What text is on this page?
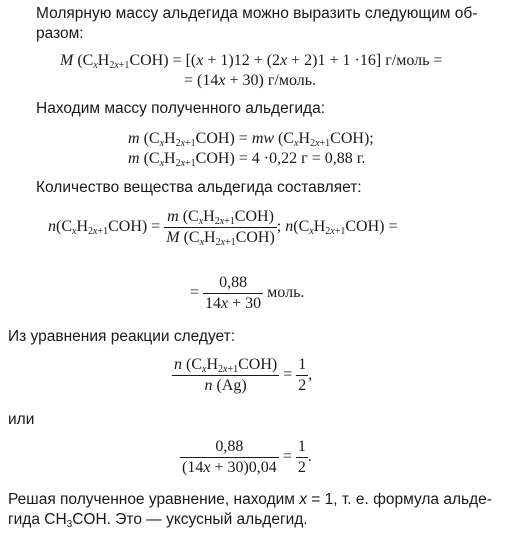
Молярную массу альдегида можно выразить следующим об-
разом:
M $(C_xH_{2x+1}COH) = [(x + 1)12 + (2x + 2)1 + 1 \cdot 16]$ г/моль =
= (14x + 30) г/моль.
Находим массу полученного альдегида:
m $(C_xH_{2x+1}COH)$ = mw $(C_xH_{2x+1}COH)$;
m $(C_xH_{2x+1}COH) = 4 \cdot 0,22$ г = 0,88 г.
Количество вещества альдегида составляет:
$n(C_xH_{2x+1}COH) = \frac{m (C_xH_{2x+1}COH)}{M (C_xH_{2x+1}COH)}$ ; $n(C_xH_{2x+1}COH)$ =
= $\frac{0,88}{14x + 30}$ моль.
Из уравнения реакции следует:
$\frac{n (C_xH_{2x+1}COH)}{n (Ag)} = \frac{1}{2}$ ,
или
$\frac{0,88}{(14x + 30)0,04} = \frac{1}{2}$ .
Решая полученное уравнение, находим x = 1, т. е. формула альде-
гида $CH_3COH$. Это — уксусный альдегид.
